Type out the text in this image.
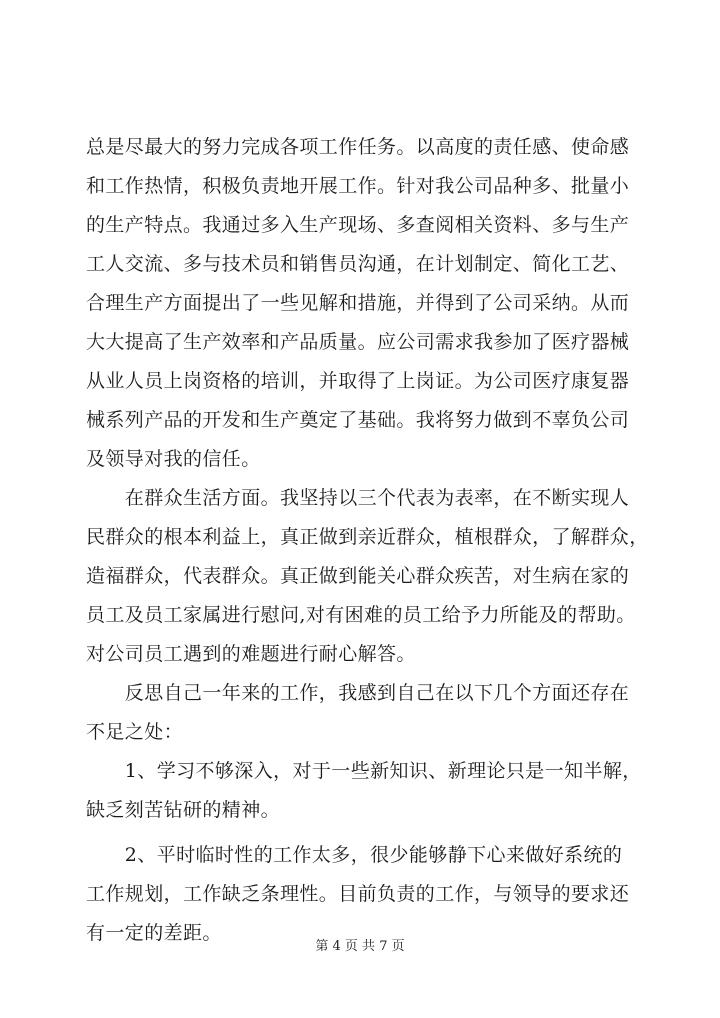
总是尽最大的努力完成各项工作任务。以高度的责任感、使命感
和工作热情，积极负责地开展工作。针对我公司品种多、批量小
的生产特点。我通过多入生产现场、多查阅相关资料、多与生产
工人交流、多与技术员和销售员沟通，在计划制定、简化工艺、
合理生产方面提出了一些见解和措施，并得到了公司采纳。从而
大大提高了生产效率和产品质量。应公司需求我参加了医疗器械
从业人员上岗资格的培训，并取得了上岗证。为公司医疗康复器
械系列产品的开发和生产奠定了基础。我将努力做到不辜负公司
及领导对我的信任。
　　在群众生活方面。我坚持以三个代表为表率，在不断实现人
民群众的根本利益上，真正做到亲近群众，植根群众，了解群众，
造福群众，代表群众。真正做到能关心群众疾苦，对生病在家的
员工及员工家属进行慰问,对有困难的员工给予力所能及的帮助。
对公司员工遇到的难题进行耐心解答。
　　反思自己一年来的工作，我感到自己在以下几个方面还存在
不足之处：
　　1、学习不够深入，对于一些新知识、新理论只是一知半解，
缺乏刻苦钻研的精神。
　　2、平时临时性的工作太多，很少能够静下心来做好系统的
工作规划，工作缺乏条理性。目前负责的工作，与领导的要求还
有一定的差距。
第 4 页 共 7 页
